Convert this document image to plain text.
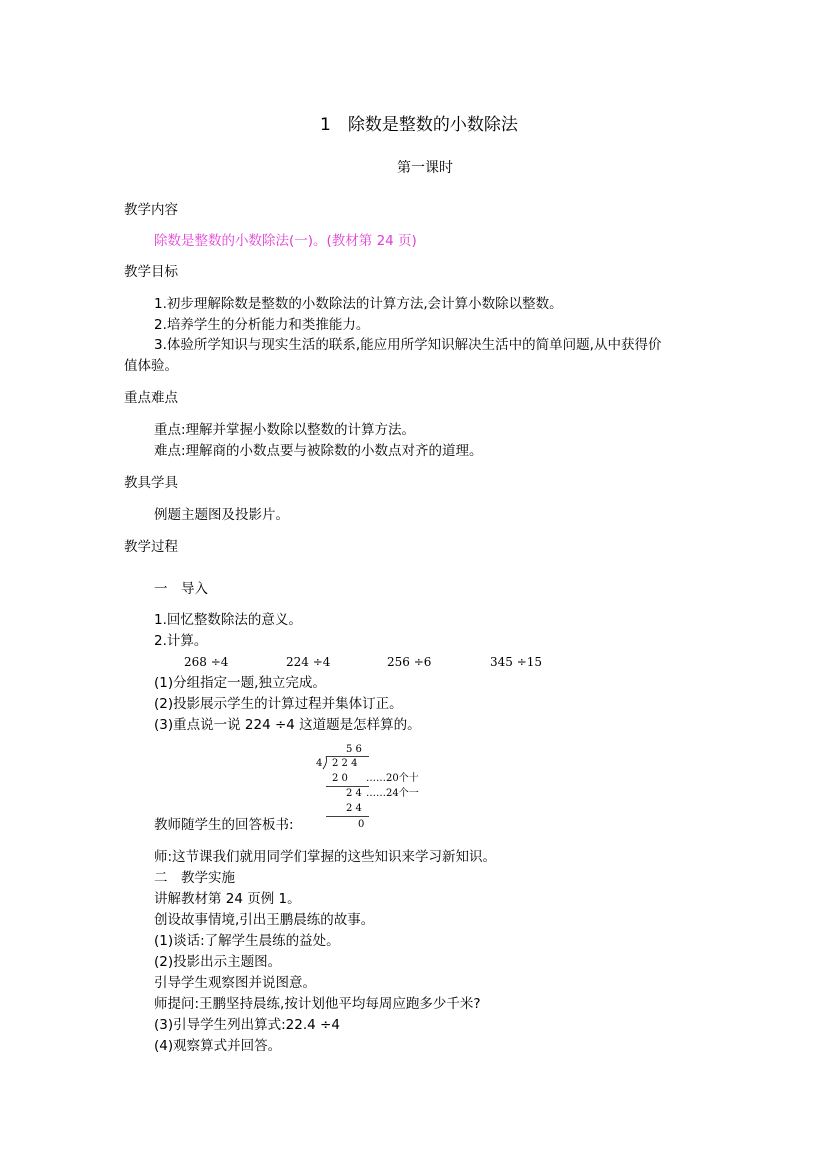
1　除数是整数的小数除法
第一课时
教学内容
除数是整数的小数除法(一)。(教材第 24 页)
教学目标
1.初步理解除数是整数的小数除法的计算方法,会计算小数除以整数。
2.培养学生的分析能力和类推能力。
3.体验所学知识与现实生活的联系,能应用所学知识解决生活中的简单问题,从中获得价
值体验。
重点难点
重点:理解并掌握小数除以整数的计算方法。
难点:理解商的小数点要与被除数的小数点对齐的道理。
教具学具
例题主题图及投影片。
教学过程
一　导入
1.回忆整数除法的意义。
2.计算。
268 ÷4	224 ÷4	256 ÷6	345 ÷15
(1)分组指定一题,独立完成。
(2)投影展示学生的计算过程并集体订正。
(3)重点说一说 224 ÷4 这道题是怎样算的。
5 6
4 2 2 4
2 0 ……20个十
2 4 ……24个一
2 4
0
教师随学生的回答板书:
师:这节课我们就用同学们掌握的这些知识来学习新知识。
二　教学实施
讲解教材第 24 页例 1。
创设故事情境,引出王鹏晨练的故事。
(1)谈话:了解学生晨练的益处。
(2)投影出示主题图。
引导学生观察图并说图意。
师提问:王鹏坚持晨练,按计划他平均每周应跑多少千米?
(3)引导学生列出算式:22.4 ÷4
(4)观察算式并回答。
